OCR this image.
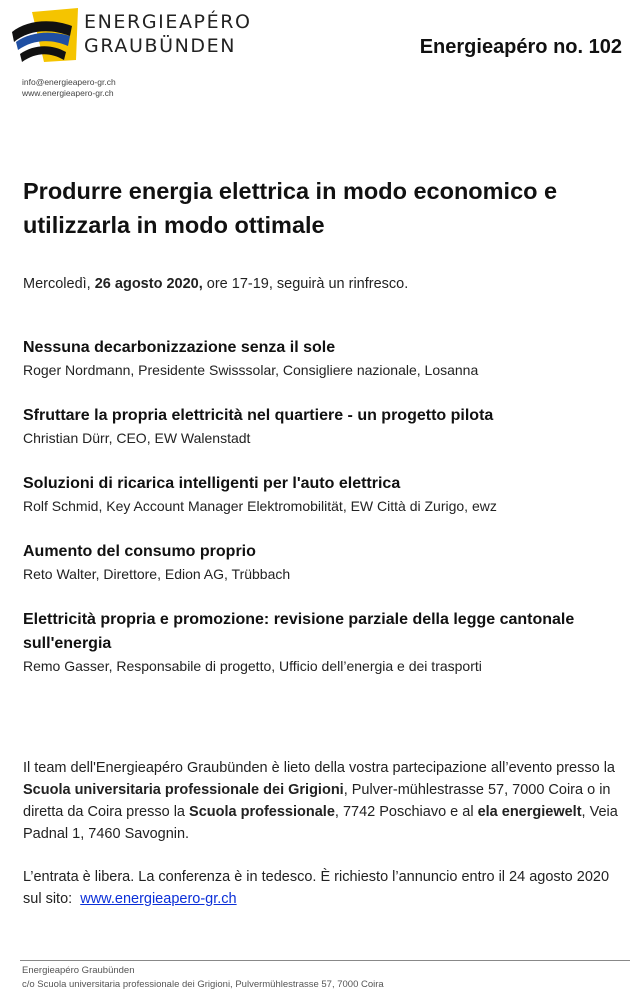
ENERGIEAPÉRO
GRAUBÜNDEN
info@energieapero-gr.ch
www.energieapero-gr.ch
Energieapéro no. 102
Produrre energia elettrica in modo economico e utilizzarla in modo ottimale
Mercoledì, 26 agosto 2020, ore 17-19, seguirà un rinfresco.
Nessuna decarbonizzazione senza il sole
Roger Nordmann, Presidente Swisssolar, Consigliere nazionale, Losanna
Sfruttare la propria elettricità nel quartiere - un progetto pilota
Christian Dürr, CEO, EW Walenstadt
Soluzioni di ricarica intelligenti per l'auto elettrica
Rolf Schmid, Key Account Manager Elektromobilität, EW Città di Zurigo, ewz
Aumento del consumo proprio
Reto Walter, Direttore, Edion AG, Trübbach
Elettricità propria e promozione: revisione parziale della legge cantonale sull'energia
Remo Gasser, Responsabile di progetto, Ufficio dell’energia e dei trasporti

Il team dell'Energieapéro Graubünden è lieto della vostra partecipazione all’evento presso la Scuola universitaria professionale dei Grigioni, Pulver-mühlestrasse 57, 7000 Coira o in diretta da Coira presso la Scuola professionale, 7742 Poschiavo e al ela energiewelt, Veia Padnal 1, 7460 Savognin.

L’entrata è libera. La conferenza è in tedesco. È richiesto l’annuncio entro il 24 agosto 2020 sul sito: www.energieapero-gr.ch

Energieapéro Graubünden
c/o Scuola universitaria professionale dei Grigioni, Pulvermühlestrasse 57, 7000 Coira
